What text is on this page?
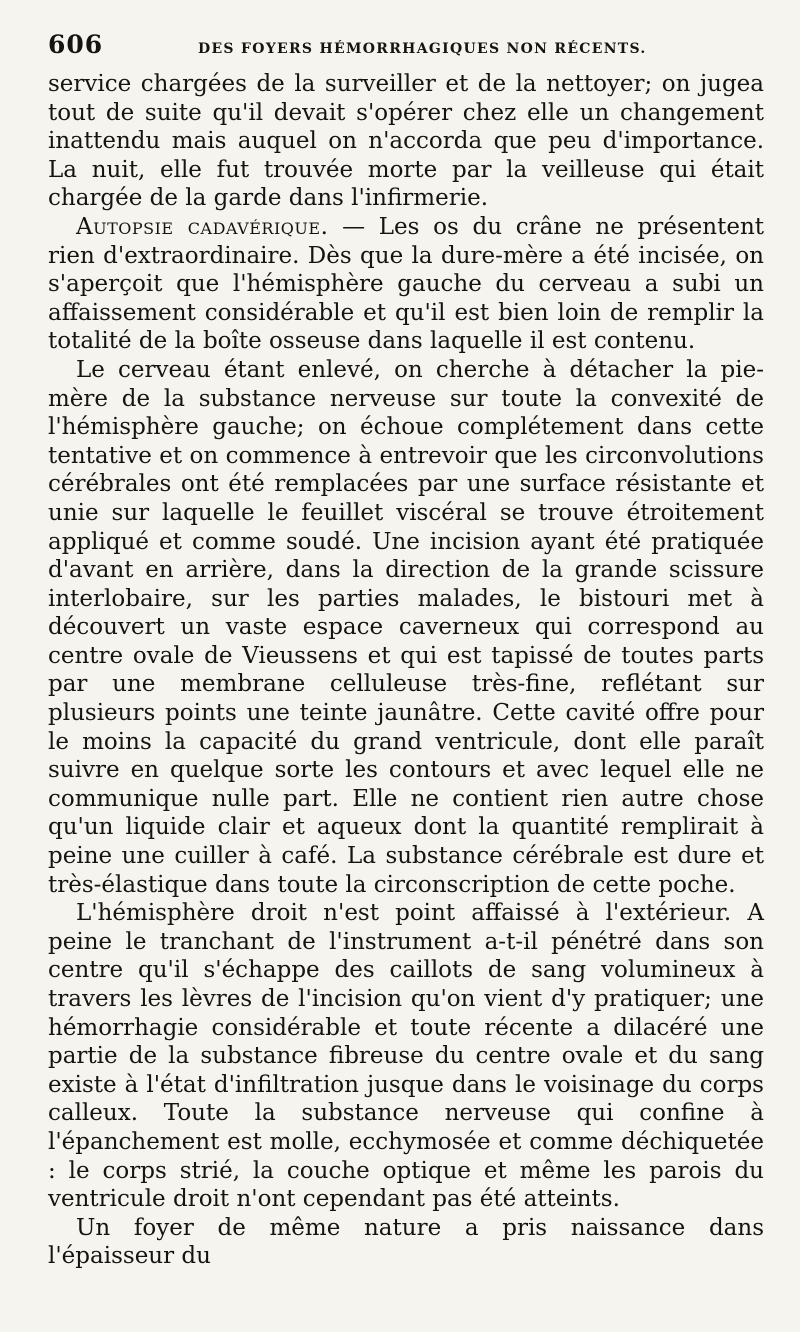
606	DES FOYERS HÉMORRHAGIQUES NON RÉCENTS.

service chargées de la surveiller et de la nettoyer; on jugea tout de suite qu'il devait s'opérer chez elle un changement inattendu mais auquel on n'accorda que peu d'importance. La nuit, elle fut trouvée morte par la veilleuse qui était chargée de la garde dans l'infirmerie.

Autopsie cadavérique. — Les os du crâne ne présentent rien d'extraordinaire. Dès que la dure-mère a été incisée, on s'aperçoit que l'hémisphère gauche du cerveau a subi un affaissement considérable et qu'il est bien loin de remplir la totalité de la boîte osseuse dans laquelle il est contenu.

Le cerveau étant enlevé, on cherche à détacher la pie-mère de la substance nerveuse sur toute la convexité de l'hémisphère gauche; on échoue complétement dans cette tentative et on commence à entrevoir que les circonvolutions cérébrales ont été remplacées par une surface résistante et unie sur laquelle le feuillet viscéral se trouve étroitement appliqué et comme soudé. Une incision ayant été pratiquée d'avant en arrière, dans la direction de la grande scissure interlobaire, sur les parties malades, le bistouri met à découvert un vaste espace caverneux qui correspond au centre ovale de Vieussens et qui est tapissé de toutes parts par une membrane celluleuse très-fine, reflétant sur plusieurs points une teinte jaunâtre. Cette cavité offre pour le moins la capacité du grand ventricule, dont elle paraît suivre en quelque sorte les contours et avec lequel elle ne communique nulle part. Elle ne contient rien autre chose qu'un liquide clair et aqueux dont la quantité remplirait à peine une cuiller à café. La substance cérébrale est dure et très-élastique dans toute la circonscription de cette poche.

L'hémisphère droit n'est point affaissé à l'extérieur. A peine le tranchant de l'instrument a-t-il pénétré dans son centre qu'il s'échappe des caillots de sang volumineux à travers les lèvres de l'incision qu'on vient d'y pratiquer; une hémorrhagie considérable et toute récente a dilacéré une partie de la substance fibreuse du centre ovale et du sang existe à l'état d'infiltration jusque dans le voisinage du corps calleux. Toute la substance nerveuse qui confine à l'épanchement est molle, ecchymosée et comme déchiquetée : le corps strié, la couche optique et même les parois du ventricule droit n'ont cependant pas été atteints.

Un foyer de même nature a pris naissance dans l'épaisseur du
